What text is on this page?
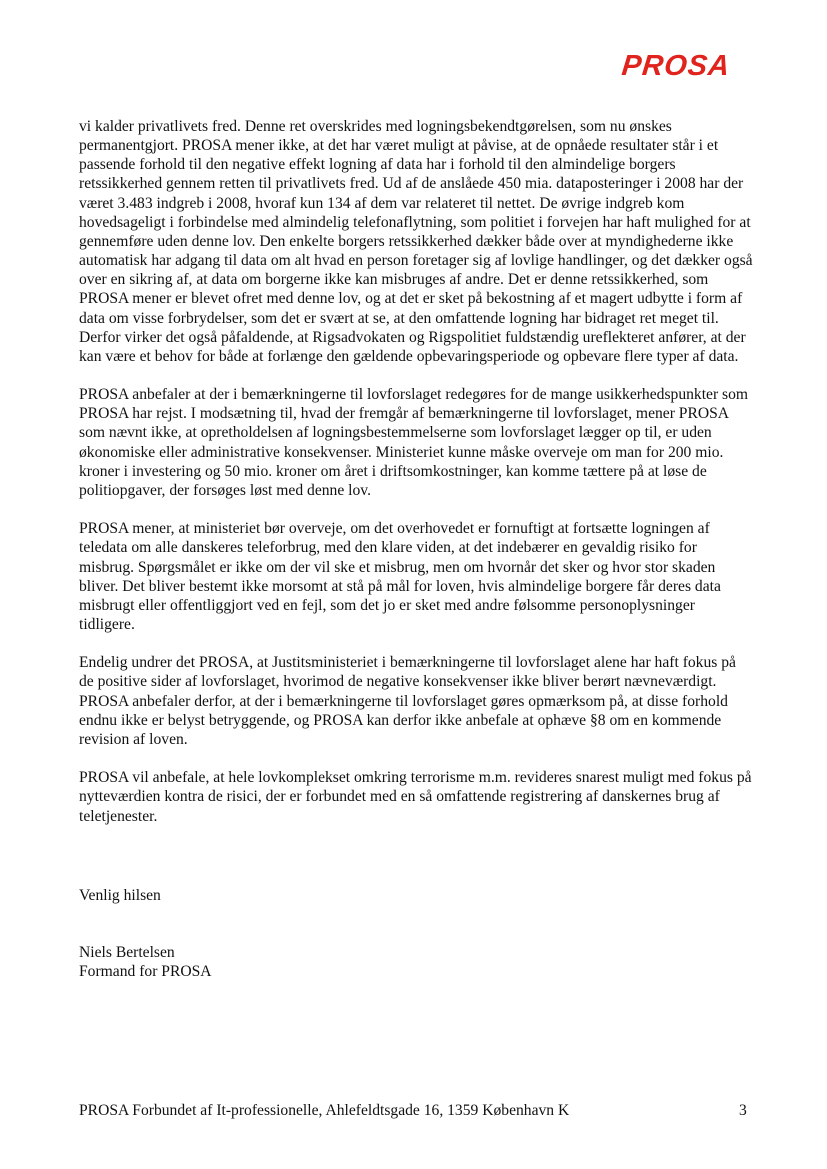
PROSA

vi kalder privatlivets fred. Denne ret overskrides med logningsbekendtgørelsen, som nu ønskes permanentgjort. PROSA mener ikke, at det har været muligt at påvise, at de opnåede resultater står i et passende forhold til den negative effekt logning af data har i forhold til den almindelige borgers retssikkerhed gennem retten til privatlivets fred. Ud af de anslåede 450 mia. dataposteringer i 2008 har der været 3.483 indgreb i 2008, hvoraf kun 134 af dem var relateret til nettet. De øvrige indgreb kom hovedsageligt i forbindelse med almindelig telefonaflytning, som politiet i forvejen har haft mulighed for at gennemføre uden denne lov. Den enkelte borgers retssikkerhed dækker både over at myndighederne ikke automatisk har adgang til data om alt hvad en person foretager sig af lovlige handlinger, og det dækker også over en sikring af, at data om borgerne ikke kan misbruges af andre. Det er denne retssikkerhed, som PROSA mener er blevet ofret med denne lov, og at det er sket på bekostning af et magert udbytte i form af data om visse forbrydelser, som det er svært at se, at den omfattende logning har bidraget ret meget til. Derfor virker det også påfaldende, at Rigsadvokaten og Rigspolitiet fuldstændig ureflekteret anfører, at der kan være et behov for både at forlænge den gældende opbevaringsperiode og opbevare flere typer af data.

PROSA anbefaler at der i bemærkningerne til lovforslaget redegøres for de mange usikkerhedspunkter som PROSA har rejst. I modsætning til, hvad der fremgår af bemærkningerne til lovforslaget, mener PROSA som nævnt ikke, at opretholdelsen af logningsbestemmelserne som lovforslaget lægger op til, er uden økonomiske eller administrative konsekvenser. Ministeriet kunne måske overveje om man for 200 mio. kroner i investering og 50 mio. kroner om året i driftsomkostninger, kan komme tættere på at løse de politiopgaver, der forsøges løst med denne lov.

PROSA mener, at ministeriet bør overveje, om det overhovedet er fornuftigt at fortsætte logningen af teledata om alle danskeres teleforbrug, med den klare viden, at det indebærer en gevaldig risiko for misbrug. Spørgsmålet er ikke om der vil ske et misbrug, men om hvornår det sker og hvor stor skaden bliver. Det bliver bestemt ikke morsomt at stå på mål for loven, hvis almindelige borgere får deres data misbrugt eller offentliggjort ved en fejl, som det jo er sket med andre følsomme personoplysninger tidligere.

Endelig undrer det PROSA, at Justitsministeriet i bemærkningerne til lovforslaget alene har haft fokus på de positive sider af lovforslaget, hvorimod de negative konsekvenser ikke bliver berørt nævneværdigt. PROSA anbefaler derfor, at der i bemærkningerne til lovforslaget gøres opmærksom på, at disse forhold endnu ikke er belyst betryggende, og PROSA kan derfor ikke anbefale at ophæve §8 om en kommende revision af loven.

PROSA vil anbefale, at hele lovkomplekset omkring terrorisme m.m. revideres snarest muligt med fokus på nytteværdien kontra de risici, der er forbundet med en så omfattende registrering af danskernes brug af teletjenester.

Venlig hilsen
Niels Bertelsen
Formand for PROSA
PROSA Forbundet af It-professionelle, Ahlefeldtsgade 16, 1359 København K	3
